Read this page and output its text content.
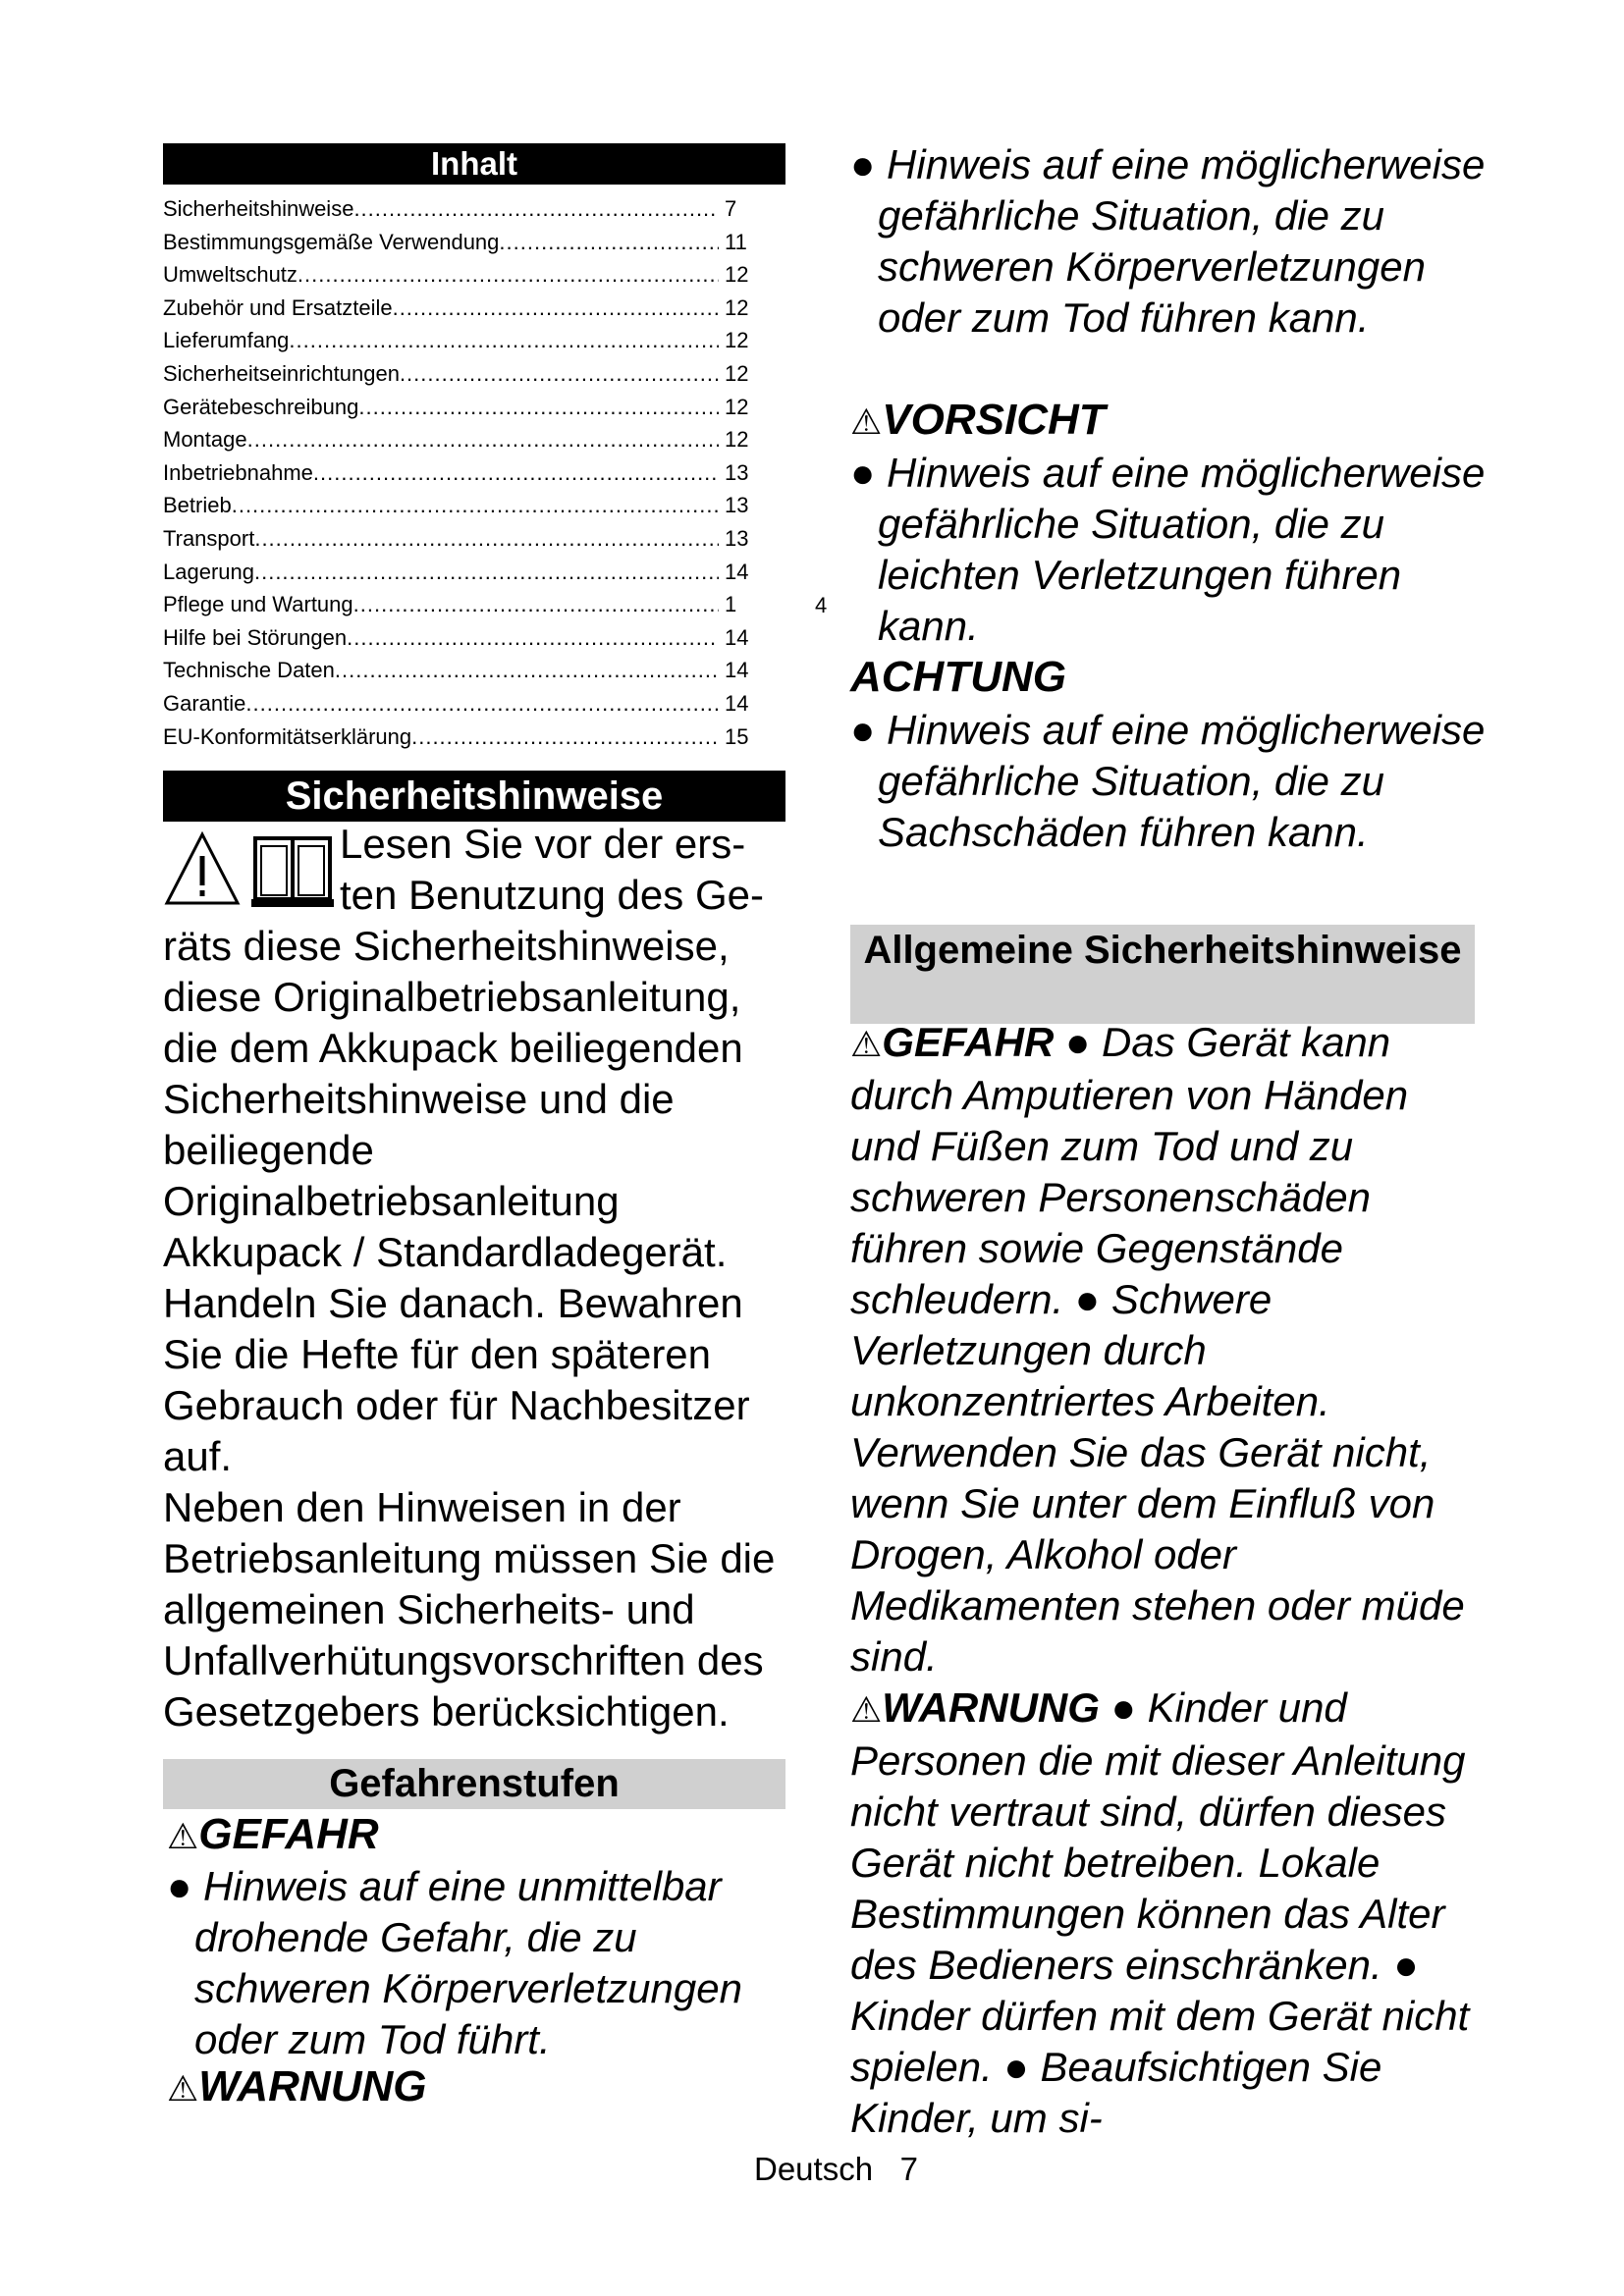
Inhalt
Sicherheitshinweise .....	7
Bestimmungsgemäße Verwendung .....	11
Umweltschutz .....	12
Zubehör und Ersatzteile .....	12
Lieferumfang .....	12
Sicherheitseinrichtungen .....	12
Gerätebeschreibung .....	12
Montage .....	12
Inbetriebnahme .....	13
Betrieb .....	13
Transport .....	13
Lagerung .....	14
Pflege und Wartung .....	1
Hilfe bei Störungen .....	14
Technische Daten .....	14
Garantie .....	14
EU-Konformitätserklärung .....	15
4
Sicherheitshinweise
Lesen Sie vor der ers-ten Benutzung des Ge-
räts diese Sicherheitshinweise, diese Originalbetriebsanleitung, die dem Akkupack beiliegenden Sicherheitshinweise und die beiliegende Originalbetriebsanleitung Akkupack / Standardladegerät. Handeln Sie danach. Bewahren Sie die Hefte für den späteren Gebrauch oder für Nachbesitzer auf.
Neben den Hinweisen in der Betriebsanleitung müssen Sie die allgemeinen Sicherheits- und Unfallverhütungsvorschriften des Gesetzgebers berücksichtigen.
Gefahrenstufen
⚠GEFAHR
● Hinweis auf eine unmittelbar drohende Gefahr, die zu schweren Körperverletzungen oder zum Tod führt.
⚠WARNUNG
● Hinweis auf eine möglicherweise gefährliche Situation, die zu schweren Körperverletzungen oder zum Tod führen kann.
⚠VORSICHT
● Hinweis auf eine möglicherweise gefährliche Situation, die zu leichten Verletzungen führen kann.
ACHTUNG
● Hinweis auf eine möglicherweise gefährliche Situation, die zu Sachschäden führen kann.
Allgemeine Sicherheitshinweise
⚠GEFAHR ● Das Gerät kann durch Amputieren von Händen und Füßen zum Tod und zu schweren Personenschäden führen sowie Gegenstände schleudern. ● Schwere Verletzungen durch unkonzentriertes Arbeiten. Verwenden Sie das Gerät nicht, wenn Sie unter dem Einfluß von Drogen, Alkohol oder Medikamenten stehen oder müde sind.
⚠WARNUNG ● Kinder und Personen die mit dieser Anleitung nicht vertraut sind, dürfen dieses Gerät nicht betreiben. Lokale Bestimmungen können das Alter des Bedieners einschränken. ● Kinder dürfen mit dem Gerät nicht spielen. ● Beaufsichtigen Sie Kinder, um si-
Deutsch 7
